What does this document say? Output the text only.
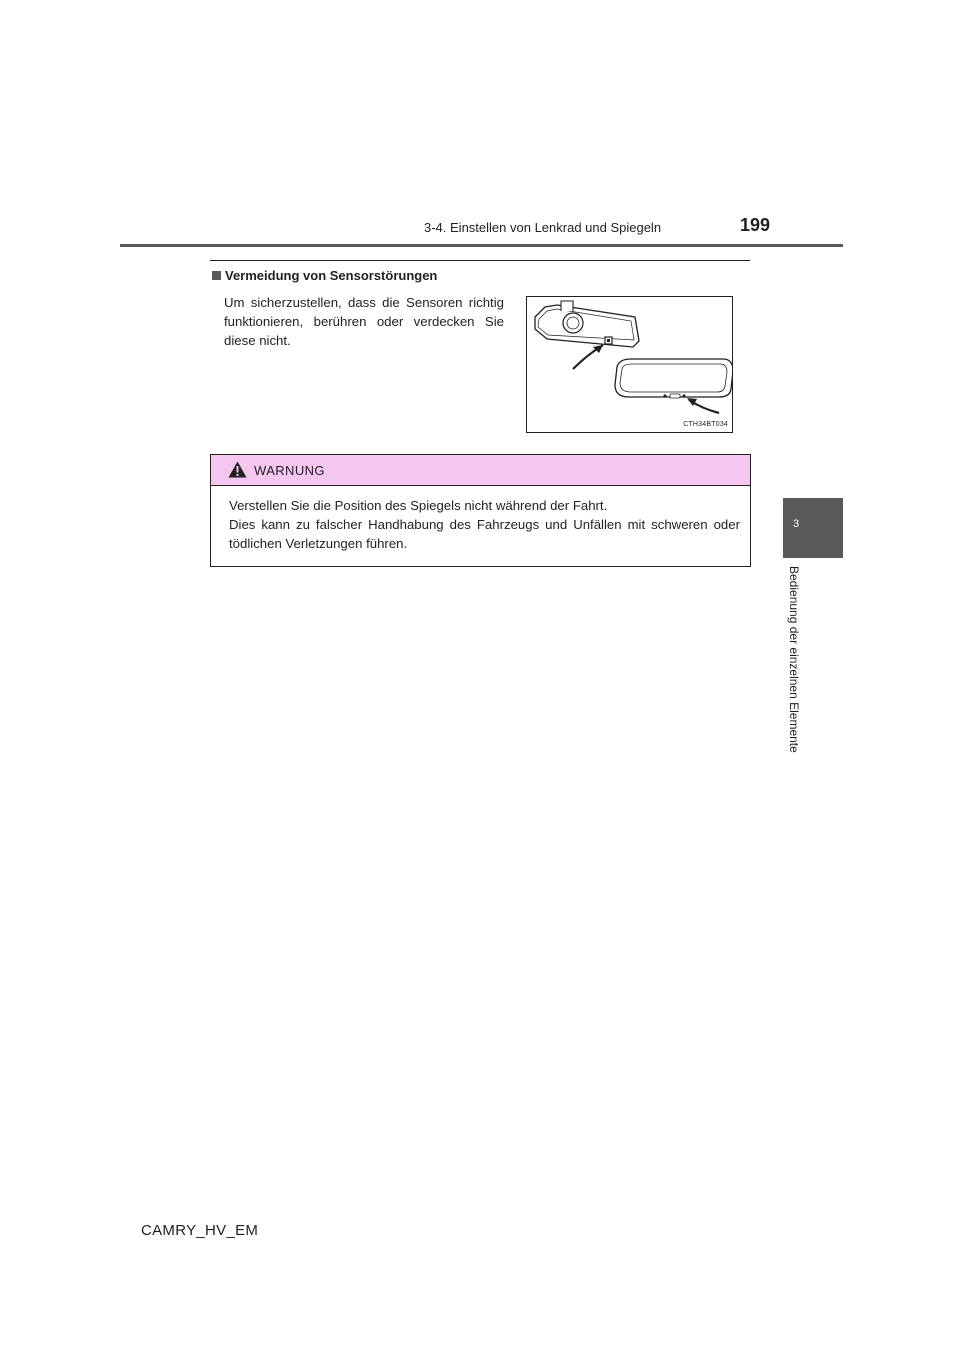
3-4. Einstellen von Lenkrad und Spiegeln	199
3
Bedienung der einzelnen Elemente
Vermeidung von Sensorstörungen
Um sicherzustellen, dass die Sensoren richtig funktionieren, berühren oder verdecken Sie diese nicht.
CTH34BT034
WARNUNG

Verstellen Sie die Position des Spiegels nicht während der Fahrt.

Dies kann zu falscher Handhabung des Fahrzeugs und Unfällen mit schweren oder tödlichen Verletzungen führen.

CAMRY_HV_EM
